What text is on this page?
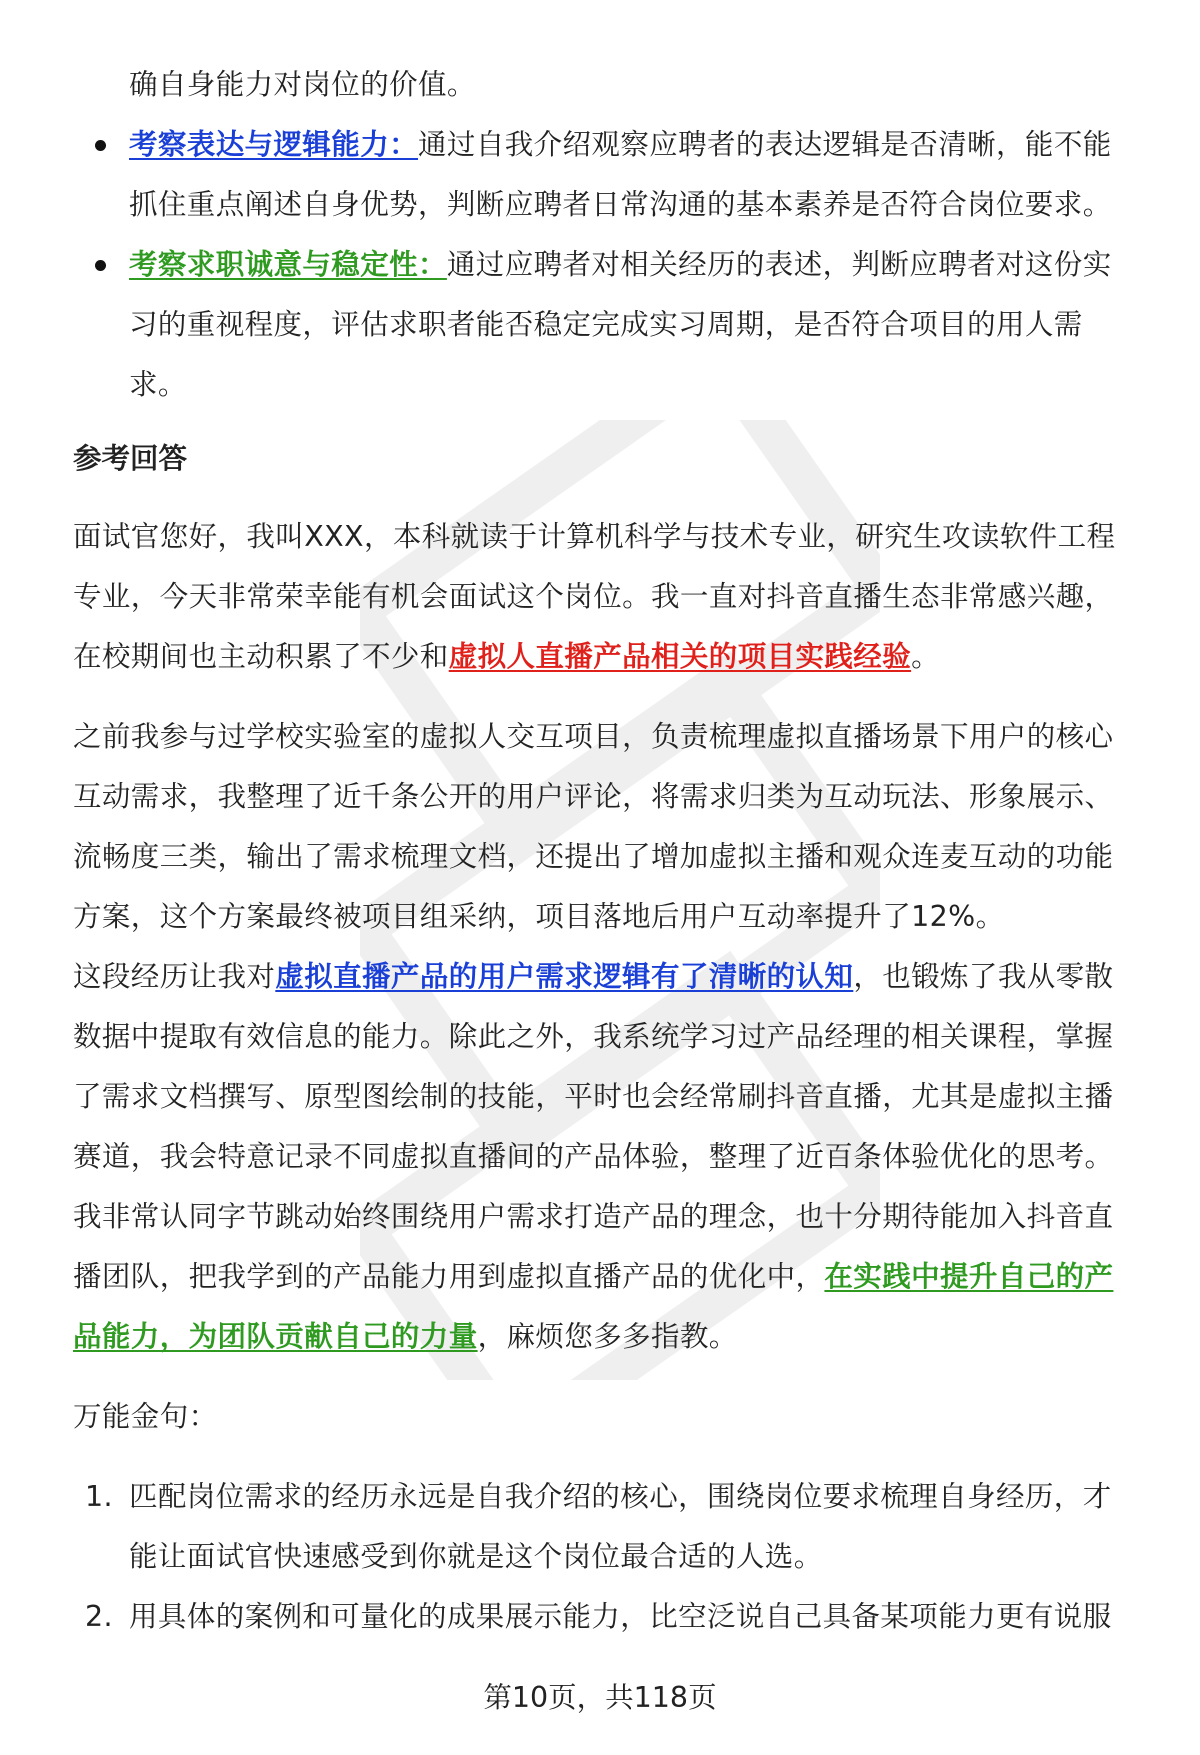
确自身能力对岗位的价值。

考察表达与逻辑能力：通过自我介绍观察应聘者的表达逻辑是否清晰，能不能
抓住重点阐述自身优势，判断应聘者日常沟通的基本素养是否符合岗位要求。

考察求职诚意与稳定性：通过应聘者对相关经历的表述，判断应聘者对这份实
习的重视程度，评估求职者能否稳定完成实习周期，是否符合项目的用人需
求。

参考回答

面试官您好，我叫XXX，本科就读于计算机科学与技术专业，研究生攻读软件工程
专业，今天非常荣幸能有机会面试这个岗位。我一直对抖音直播生态非常感兴趣，
在校期间也主动积累了不少和虚拟人直播产品相关的项目实践经验。

之前我参与过学校实验室的虚拟人交互项目，负责梳理虚拟直播场景下用户的核心
互动需求，我整理了近千条公开的用户评论，将需求归类为互动玩法、形象展示、
流畅度三类，输出了需求梳理文档，还提出了增加虚拟主播和观众连麦互动的功能
方案，这个方案最终被项目组采纳，项目落地后用户互动率提升了12%。
这段经历让我对虚拟直播产品的用户需求逻辑有了清晰的认知，也锻炼了我从零散
数据中提取有效信息的能力。除此之外，我系统学习过产品经理的相关课程，掌握
了需求文档撰写、原型图绘制的技能，平时也会经常刷抖音直播，尤其是虚拟主播
赛道，我会特意记录不同虚拟直播间的产品体验，整理了近百条体验优化的思考。
我非常认同字节跳动始终围绕用户需求打造产品的理念，也十分期待能加入抖音直
播团队，把我学到的产品能力用到虚拟直播产品的优化中，在实践中提升自己的产
品能力，为团队贡献自己的力量，麻烦您多多指教。

万能金句：

1. 匹配岗位需求的经历永远是自我介绍的核心，围绕岗位要求梳理自身经历，才
能让面试官快速感受到你就是这个岗位最合适的人选。

2. 用具体的案例和可量化的成果展示能力，比空泛说自己具备某项能力更有说服

第10页，共118页
